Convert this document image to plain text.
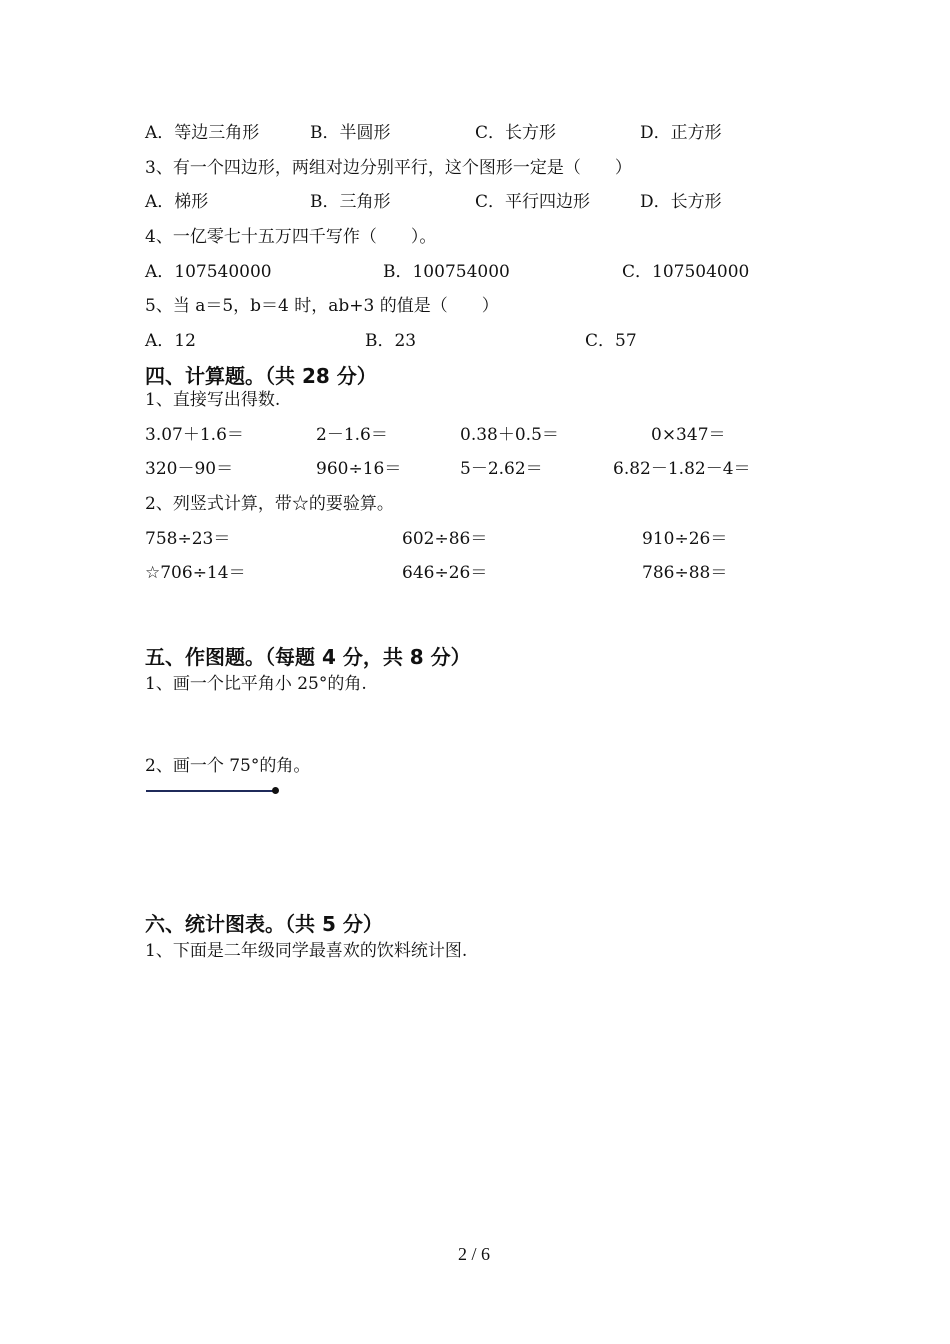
A．等边三角形	B．半圆形	C．长方形	D．正方形
3、有一个四边形，两组对边分别平行，这个图形一定是（　　）
A．梯形	B．三角形	C．平行四边形	D．长方形
4、一亿零七十五万四千写作（　　）。
A．107540000	B．100754000	C．107504000
5、当 a＝5，b＝4 时，ab+3 的值是（　　）
A．12	B．23	C．57
四、计算题。（共 28 分）
1、直接写出得数.
3.07＋1.6＝	2－1.6＝	0.38＋0.5＝	0×347＝
320－90＝	960÷16＝	5－2.62＝	6.82－1.82－4＝
2、列竖式计算，带☆的要验算。
758÷23＝	602÷86＝	910÷26＝
☆706÷14＝	646÷26＝	786÷88＝
五、作图题。（每题 4 分，共 8 分）
1、画一个比平角小 25°的角.
2、画一个 75°的角。
六、统计图表。（共 5 分）
1、下面是二年级同学最喜欢的饮料统计图.
2 / 6
